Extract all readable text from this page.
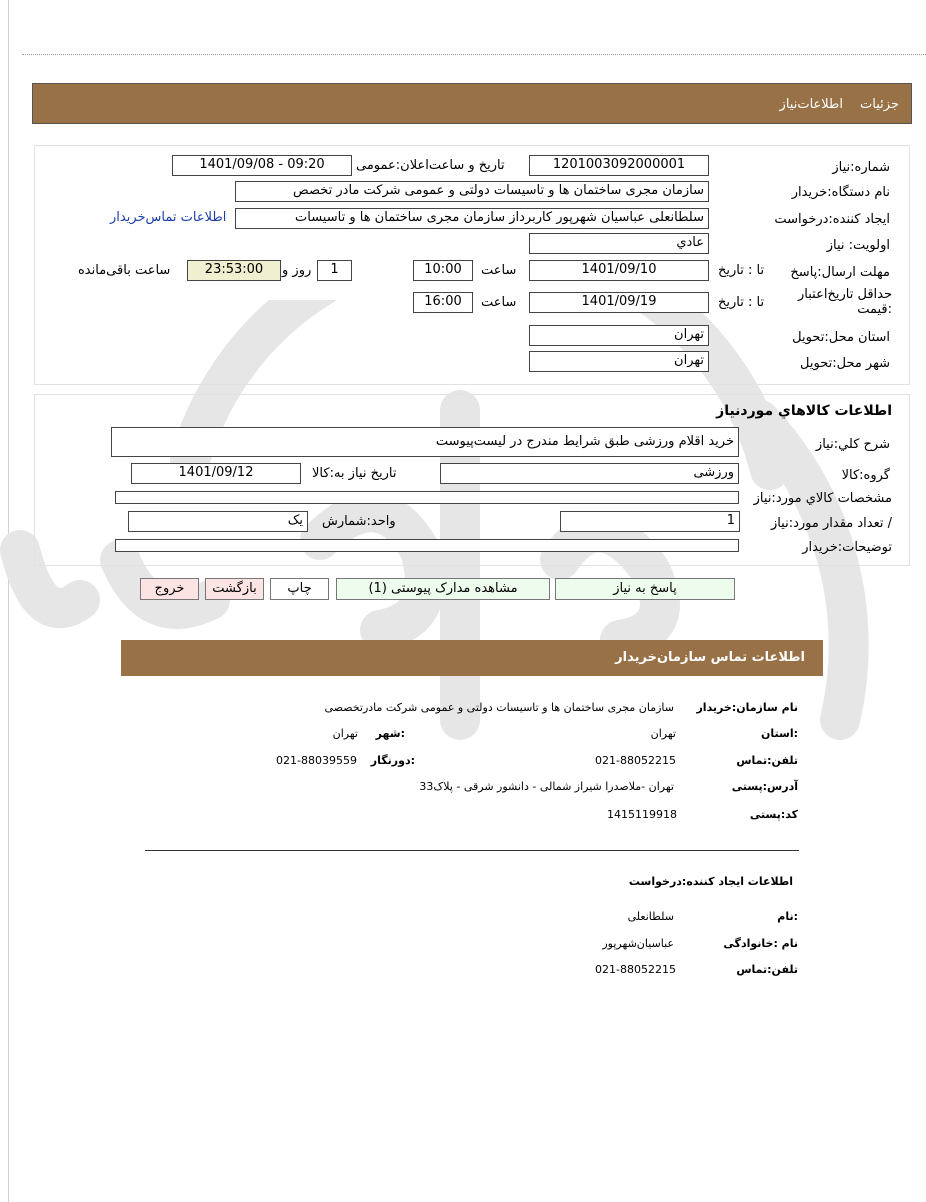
جزئیات
اطلاعات‌نیاز
شماره:نیاز
1201003092000001
تاریخ و ساعت‌اعلان:عمومی
1401/09/08 - 09:20
نام دستگاه:خریدار
سازمان مجری ساختمان ها و تاسیسات دولتی و عمومی شرکت مادر تخصص
ایجاد کننده:درخواست
سلطانعلی عباسیان شهرپور کاربرداز سازمان مجری ساختمان ها و تاسیسات
اطلاعات تماس‌خریدار
اولویت: نیاز
عادي
مهلت ارسال:پاسخ
تا : تاریخ
1401/09/10
ساعت
10:00
1
روز و
23:53:00
ساعت باقی‌مانده
حداقل تاریخ‌اعتبار :قیمت
تا : تاریخ
1401/09/19
ساعت
16:00
استان محل:تحویل
تهران
شهر محل:تحویل
تهران
اطلاعات كالاهاي موردنياز
شرح کلي:نیاز
خرید اقلام ورزشی طبق شرایط مندرج در لیست‌پیوست
گروه:کالا
ورزشی
تاریخ نیاز به:کالا
1401/09/12
مشخصات کالاي مورد:نیاز
/ تعداد مقدار مورد:نیاز
1
واحد:شمارش
یک
توضیحات:خریدار
پاسخ به نیاز
مشاهده مدارک پیوستی (1)
چاپ
بازگشت
خروج
اطلاعات تماس سازمان‌خریدار
نام سازمان:خریدار
سازمان مجری ساختمان ها و تاسیسات دولتی و عمومی شرکت مادرتخصصی
:استان
تهران
:شهر
تهران
تلفن:تماس
021-88052215
:دورنگار
021-88039559
آدرس:پستی
تهران -ملاصدرا شیراز شمالی - دانشور شرقی - پلاک33
کد:پستی
1415119918
اطلاعات ایجاد کننده:درخواست
:نام
سلطانعلی
نام :خانوادگی
عباسیان‌شهرپور
تلفن:تماس
021-88052215
